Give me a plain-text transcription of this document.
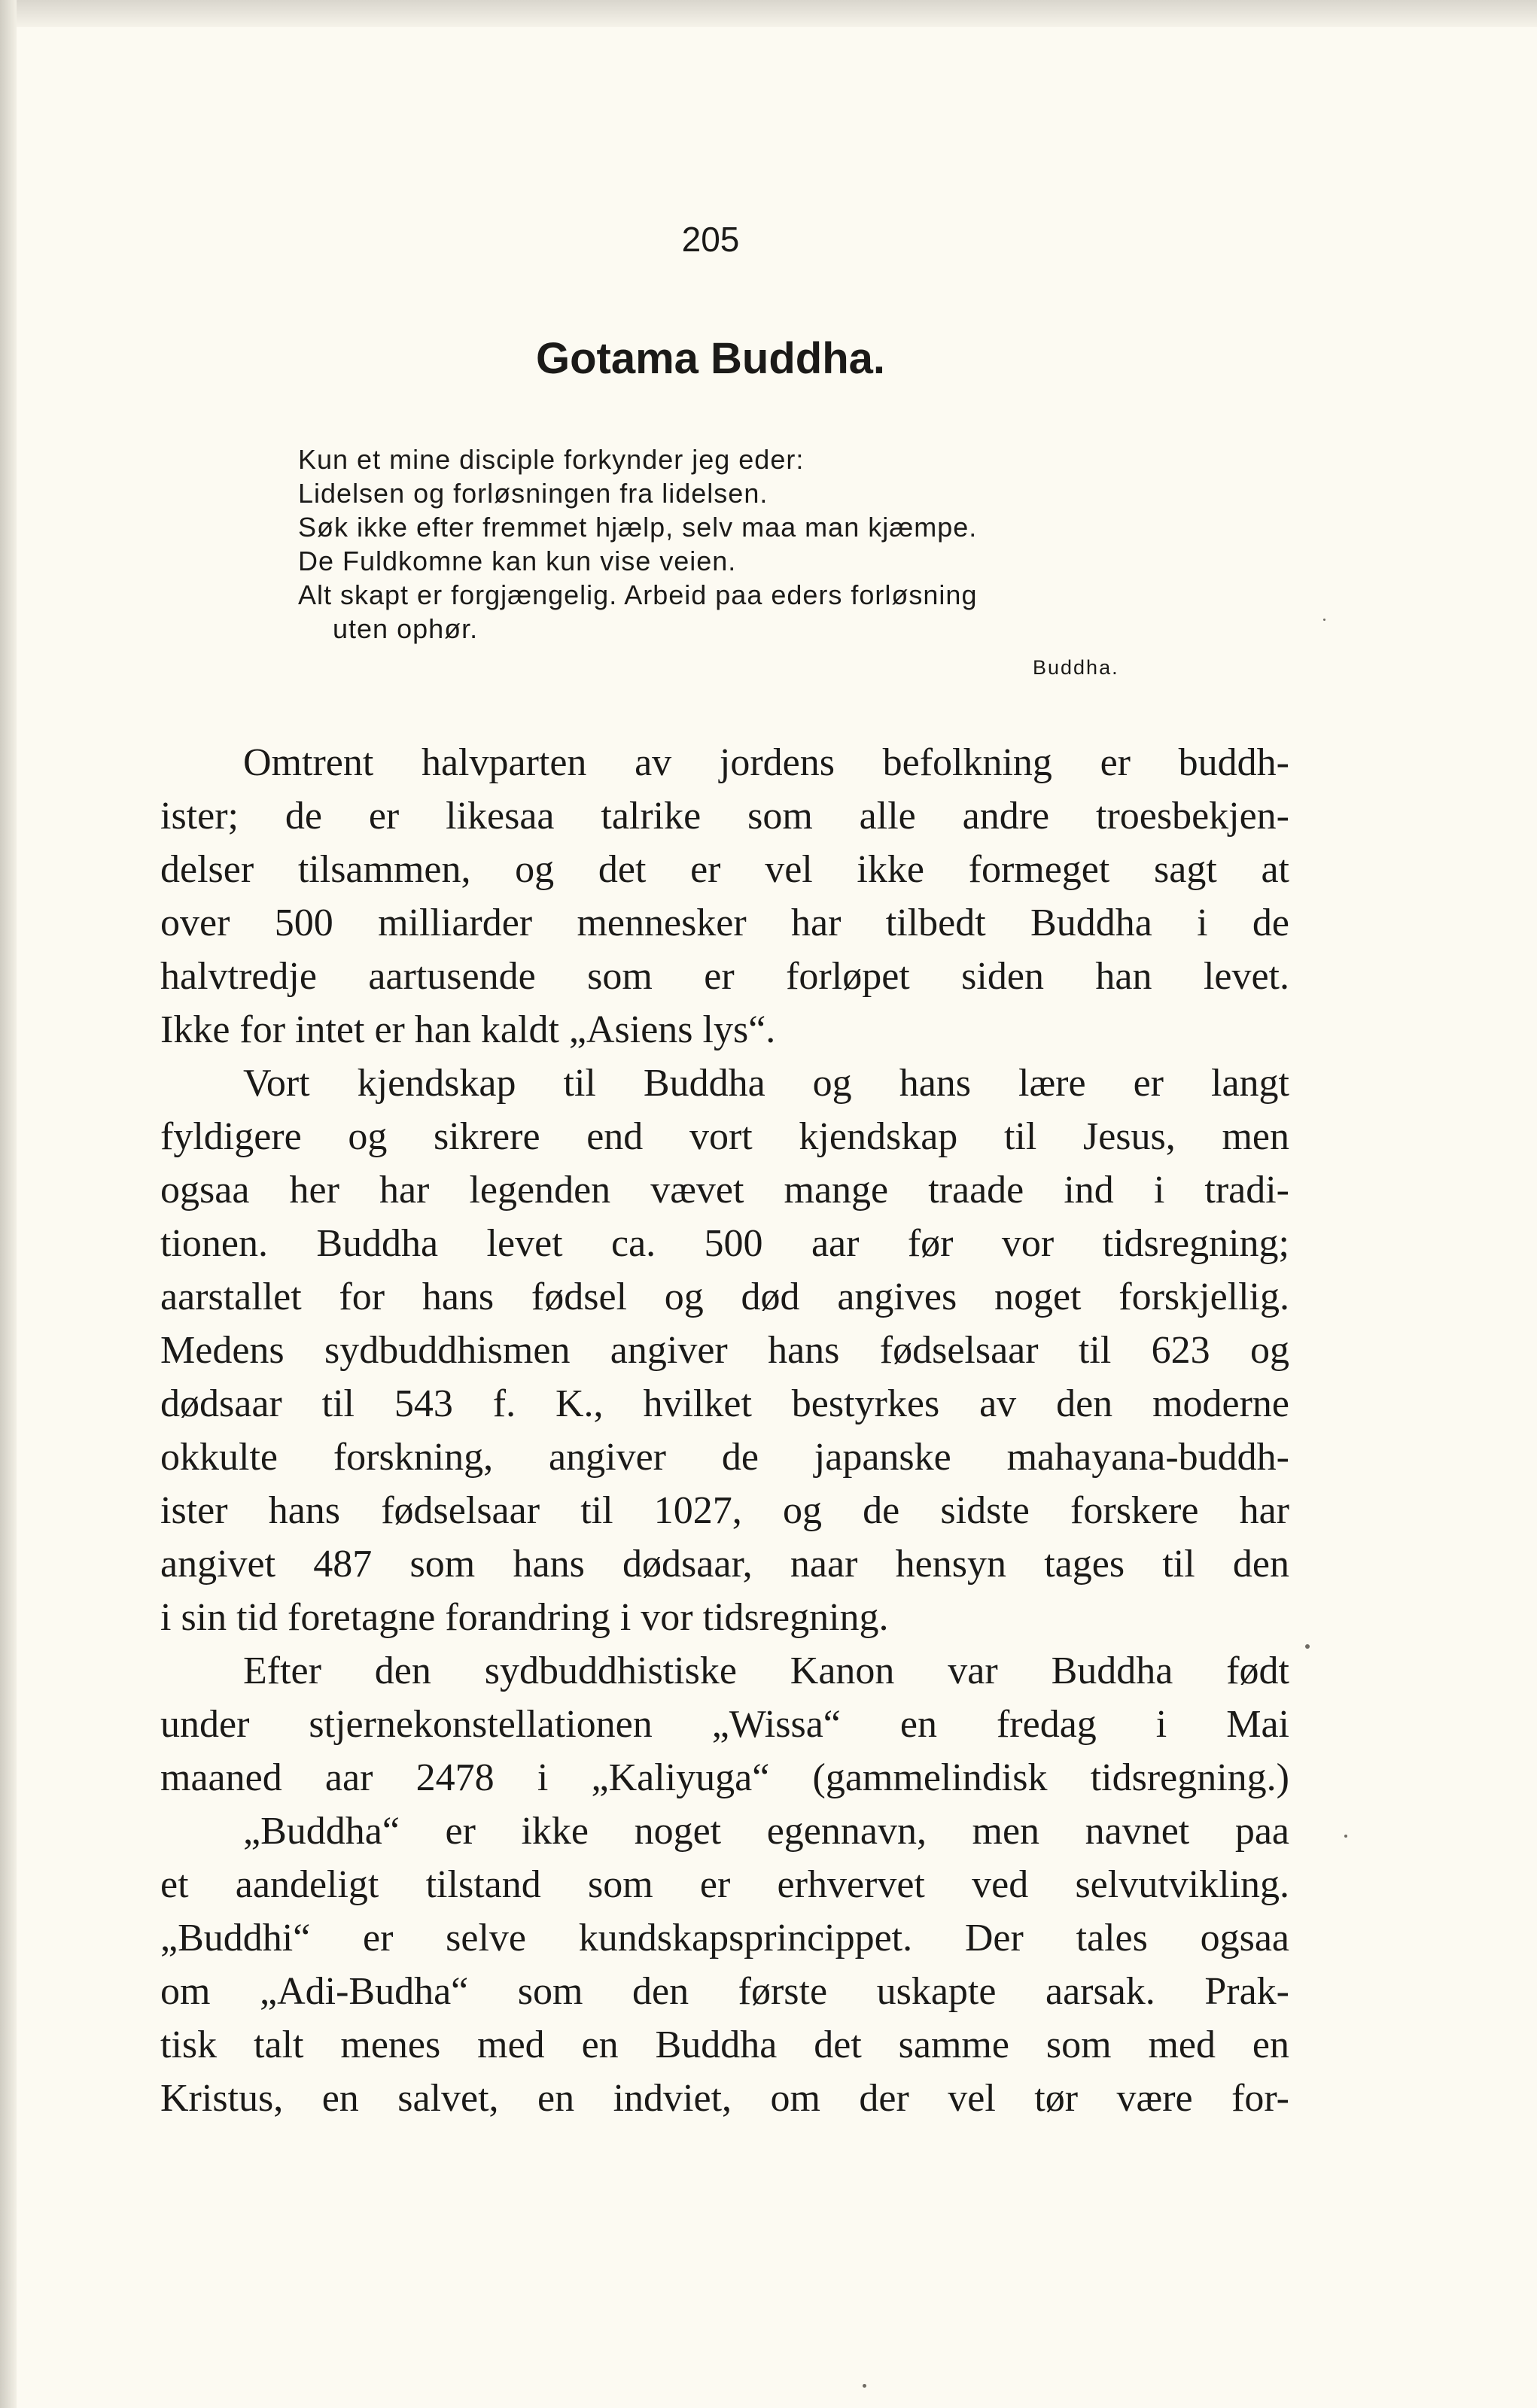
205
Gotama Buddha.
Kun et mine disciple forkynder jeg eder:
Lidelsen og forløsningen fra lidelsen.
Søk ikke efter fremmet hjælp, selv maa man kjæmpe.
De Fuldkomne kan kun vise veien.
Alt skapt er forgjængelig. Arbeid paa eders forløsning
uten ophør.
Buddha.
Omtrent halvparten av jordens befolkning er buddh-
ister; de er likesaa talrike som alle andre troesbekjen-
delser tilsammen, og det er vel ikke formeget sagt at
over 500 milliarder mennesker har tilbedt Buddha i de
halvtredje aartusende som er forløpet siden han levet.
Ikke for intet er han kaldt „Asiens lys“.
Vort kjendskap til Buddha og hans lære er langt
fyldigere og sikrere end vort kjendskap til Jesus, men
ogsaa her har legenden vævet mange traade ind i tradi-
tionen. Buddha levet ca. 500 aar før vor tidsregning;
aarstallet for hans fødsel og død angives noget forskjellig.
Medens sydbuddhismen angiver hans fødselsaar til 623 og
dødsaar til 543 f. K., hvilket bestyrkes av den moderne
okkulte forskning, angiver de japanske mahayana-buddh-
ister hans fødselsaar til 1027, og de sidste forskere har
angivet 487 som hans dødsaar, naar hensyn tages til den
i sin tid foretagne forandring i vor tidsregning.
Efter den sydbuddhistiske Kanon var Buddha født
under stjernekonstellationen „Wissa“ en fredag i Mai
maaned aar 2478 i „Kaliyuga“ (gammelindisk tidsregning.)
„Buddha“ er ikke noget egennavn, men navnet paa
et aandeligt tilstand som er erhvervet ved selvutvikling.
„Buddhi“ er selve kundskapsprincippet. Der tales ogsaa
om „Adi-Budha“ som den første uskapte aarsak. Prak-
tisk talt menes med en Buddha det samme som med en
Kristus, en salvet, en indviet, om der vel tør være for-
